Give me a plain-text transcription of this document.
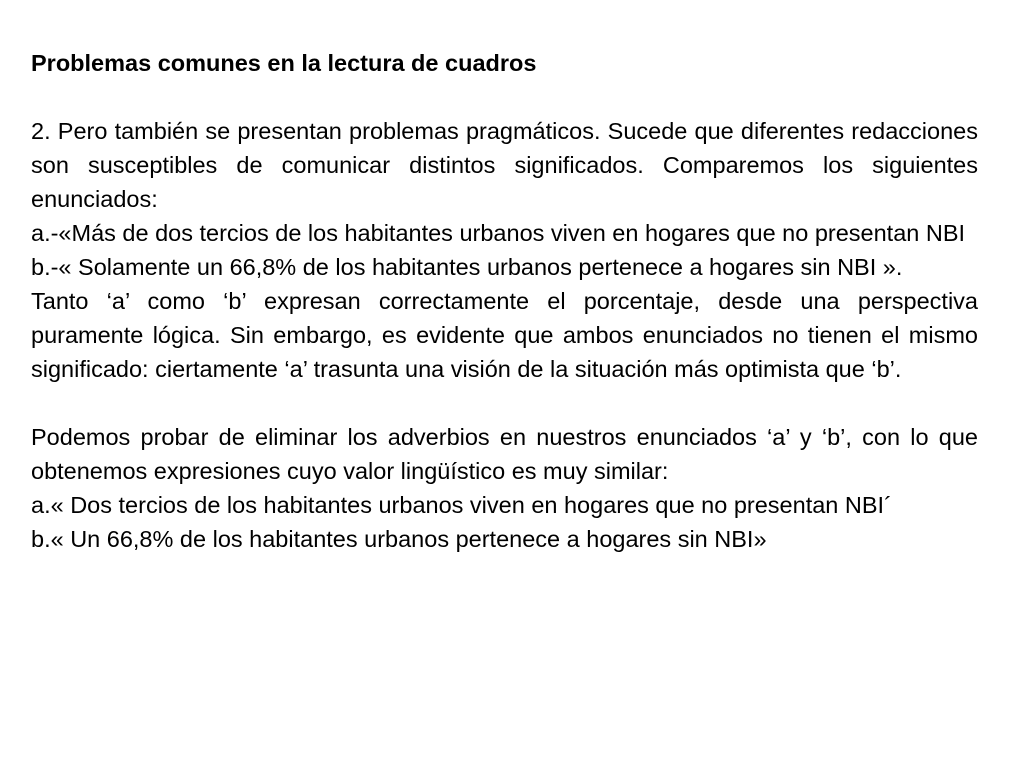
Problemas comunes en la lectura de cuadros

2. Pero también se presentan problemas pragmáticos. Sucede que diferentes redacciones son susceptibles de comunicar distintos significados. Comparemos los siguientes enunciados:

a.-«Más de dos tercios de los habitantes urbanos viven en hogares que no presentan NBI

b.-« Solamente un 66,8% de los habitantes urbanos pertenece a hogares sin NBI ».

Tanto ‘a’ como ‘b’ expresan correctamente el porcentaje, desde una perspectiva puramente lógica. Sin embargo, es evidente que ambos enunciados no tienen el mismo significado: ciertamente ‘a’ trasunta una visión de la situación más optimista que ‘b’.

Podemos probar de eliminar los adverbios en nuestros enunciados ‘a’ y ‘b’, con lo que obtenemos expresiones cuyo valor lingüístico es muy similar:

a.« Dos tercios de los habitantes urbanos viven en hogares que no presentan NBI´

b.« Un 66,8% de los habitantes urbanos pertenece a hogares sin NBI»
